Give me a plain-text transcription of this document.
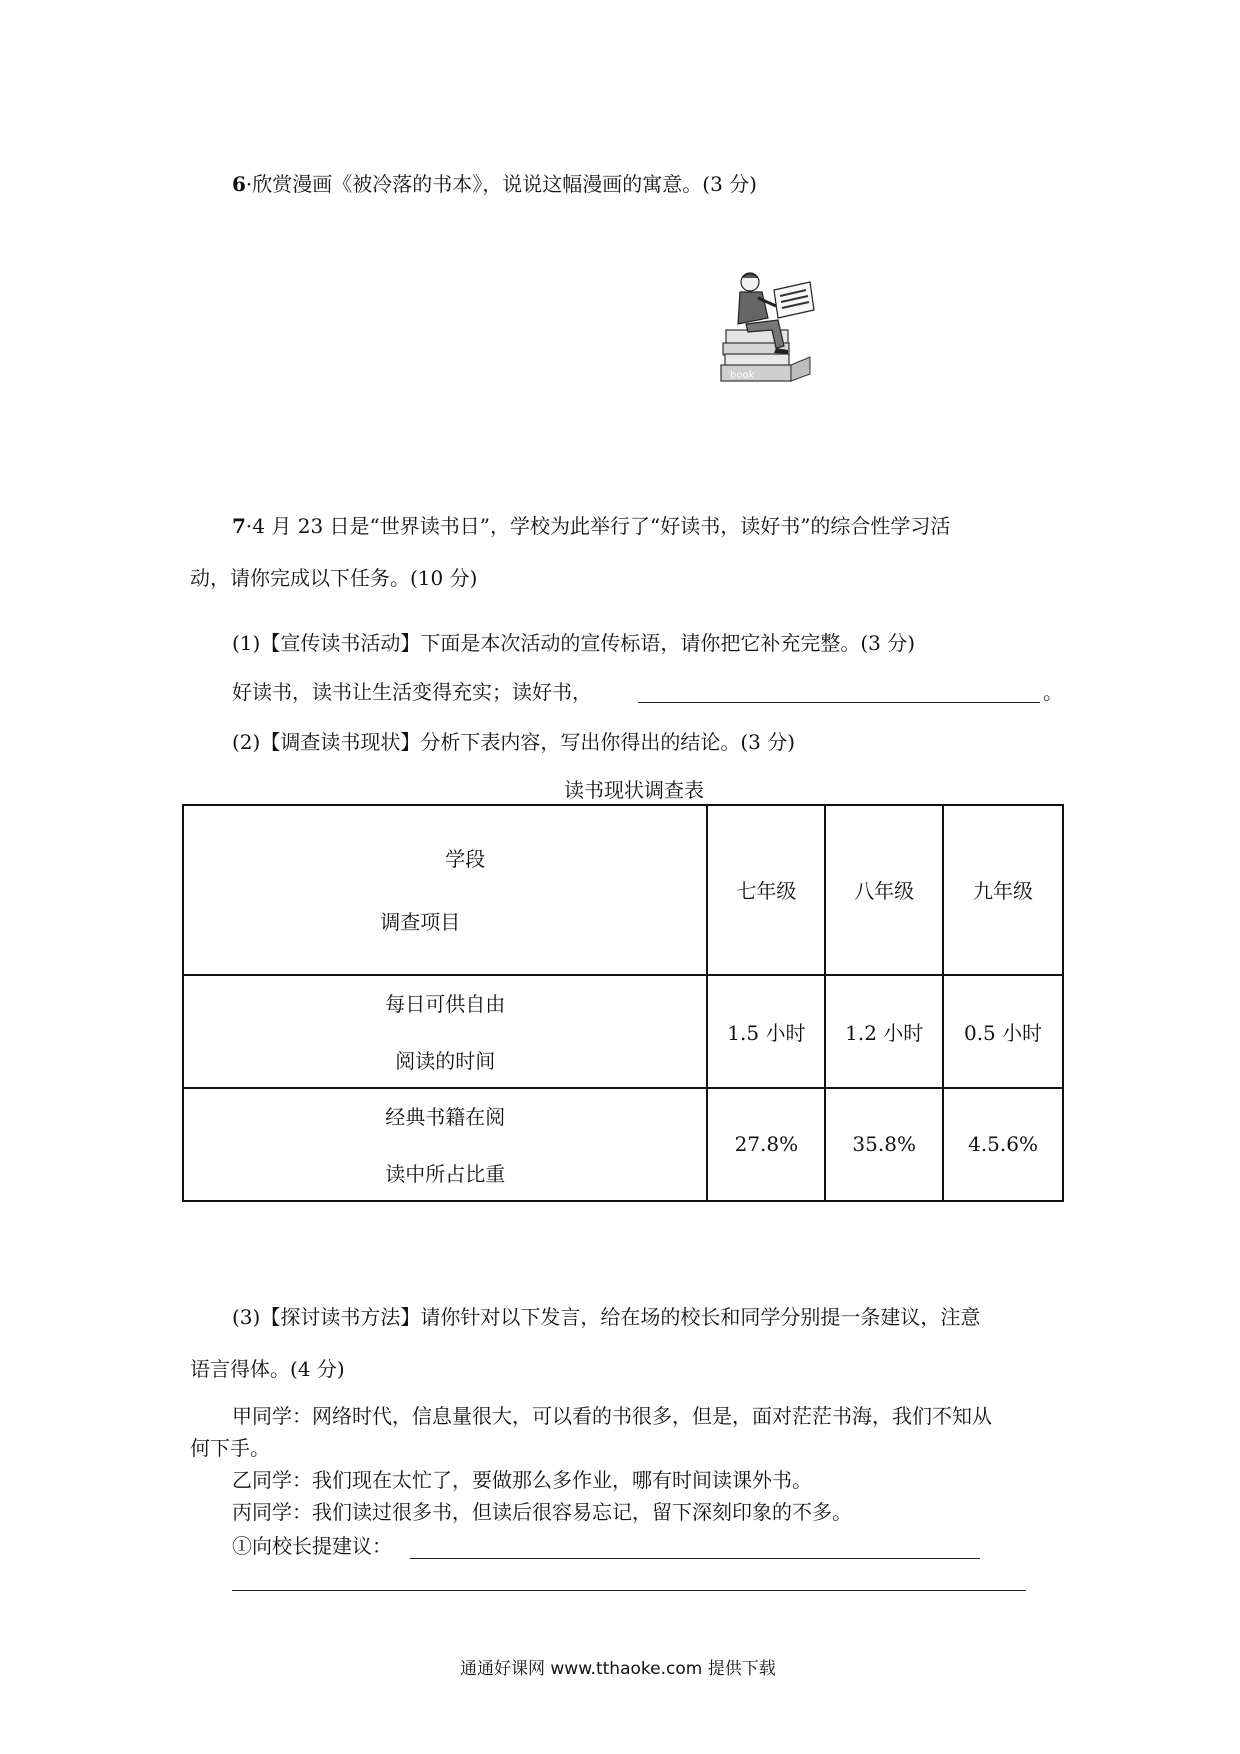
6·欣赏漫画《被冷落的书本》，说说这幅漫画的寓意。(3 分)
book
7·4 月 23 日是“世界读书日”，学校为此举行了“好读书，读好书”的综合性学习活
动，请你完成以下任务。(10 分)
(1)【宣传读书活动】下面是本次活动的宣传标语，请你把它补充完整。(3 分)
好读书，读书让生活变得充实；读好书，	。
(2)【调查读书现状】分析下表内容，写出你得出的结论。(3 分)
读书现状调查表
学段
调查项目	七年级	八年级	九年级

每日可供自由
阅读的时间	1.5 小时	1.2 小时	0.5 小时

经典书籍在阅
读中所占比重	27.8%	35.8%	4.5.6%
(3)【探讨读书方法】请你针对以下发言，给在场的校长和同学分别提一条建议，注意
语言得体。(4 分)
甲同学：网络时代，信息量很大，可以看的书很多，但是，面对茫茫书海，我们不知从
何下手。
乙同学：我们现在太忙了，要做那么多作业，哪有时间读课外书。
丙同学：我们读过很多书，但读后很容易忘记，留下深刻印象的不多。
①向校长提建议：
通通好课网 www.tthaoke.com 提供下载
